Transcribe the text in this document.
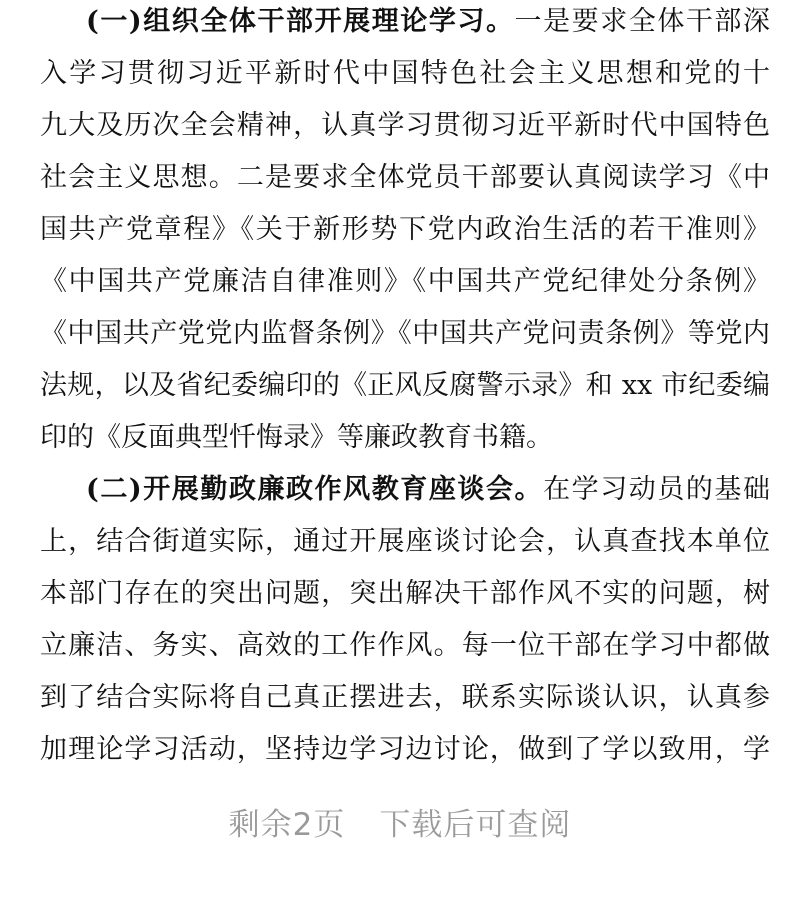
(一)组织全体干部开展理论学习。一是要求全体干部深
入学习贯彻习近平新时代中国特色社会主义思想和党的十
九大及历次全会精神，认真学习贯彻习近平新时代中国特色
社会主义思想。二是要求全体党员干部要认真阅读学习《中
国共产党章程》《关于新形势下党内政治生活的若干准则》
《中国共产党廉洁自律准则》《中国共产党纪律处分条例》
《中国共产党党内监督条例》《中国共产党问责条例》等党内
法规，以及省纪委编印的《正风反腐警示录》和 xx 市纪委编
印的《反面典型忏悔录》等廉政教育书籍。
(二)开展勤政廉政作风教育座谈会。在学习动员的基础
上，结合街道实际，通过开展座谈讨论会，认真查找本单位
本部门存在的突出问题，突出解决干部作风不实的问题，树
立廉洁、务实、高效的工作作风。每一位干部在学习中都做
到了结合实际将自己真正摆进去，联系实际谈认识，认真参
加理论学习活动，坚持边学习边讨论，做到了学以致用，学
剩余2页 下载后可查阅
